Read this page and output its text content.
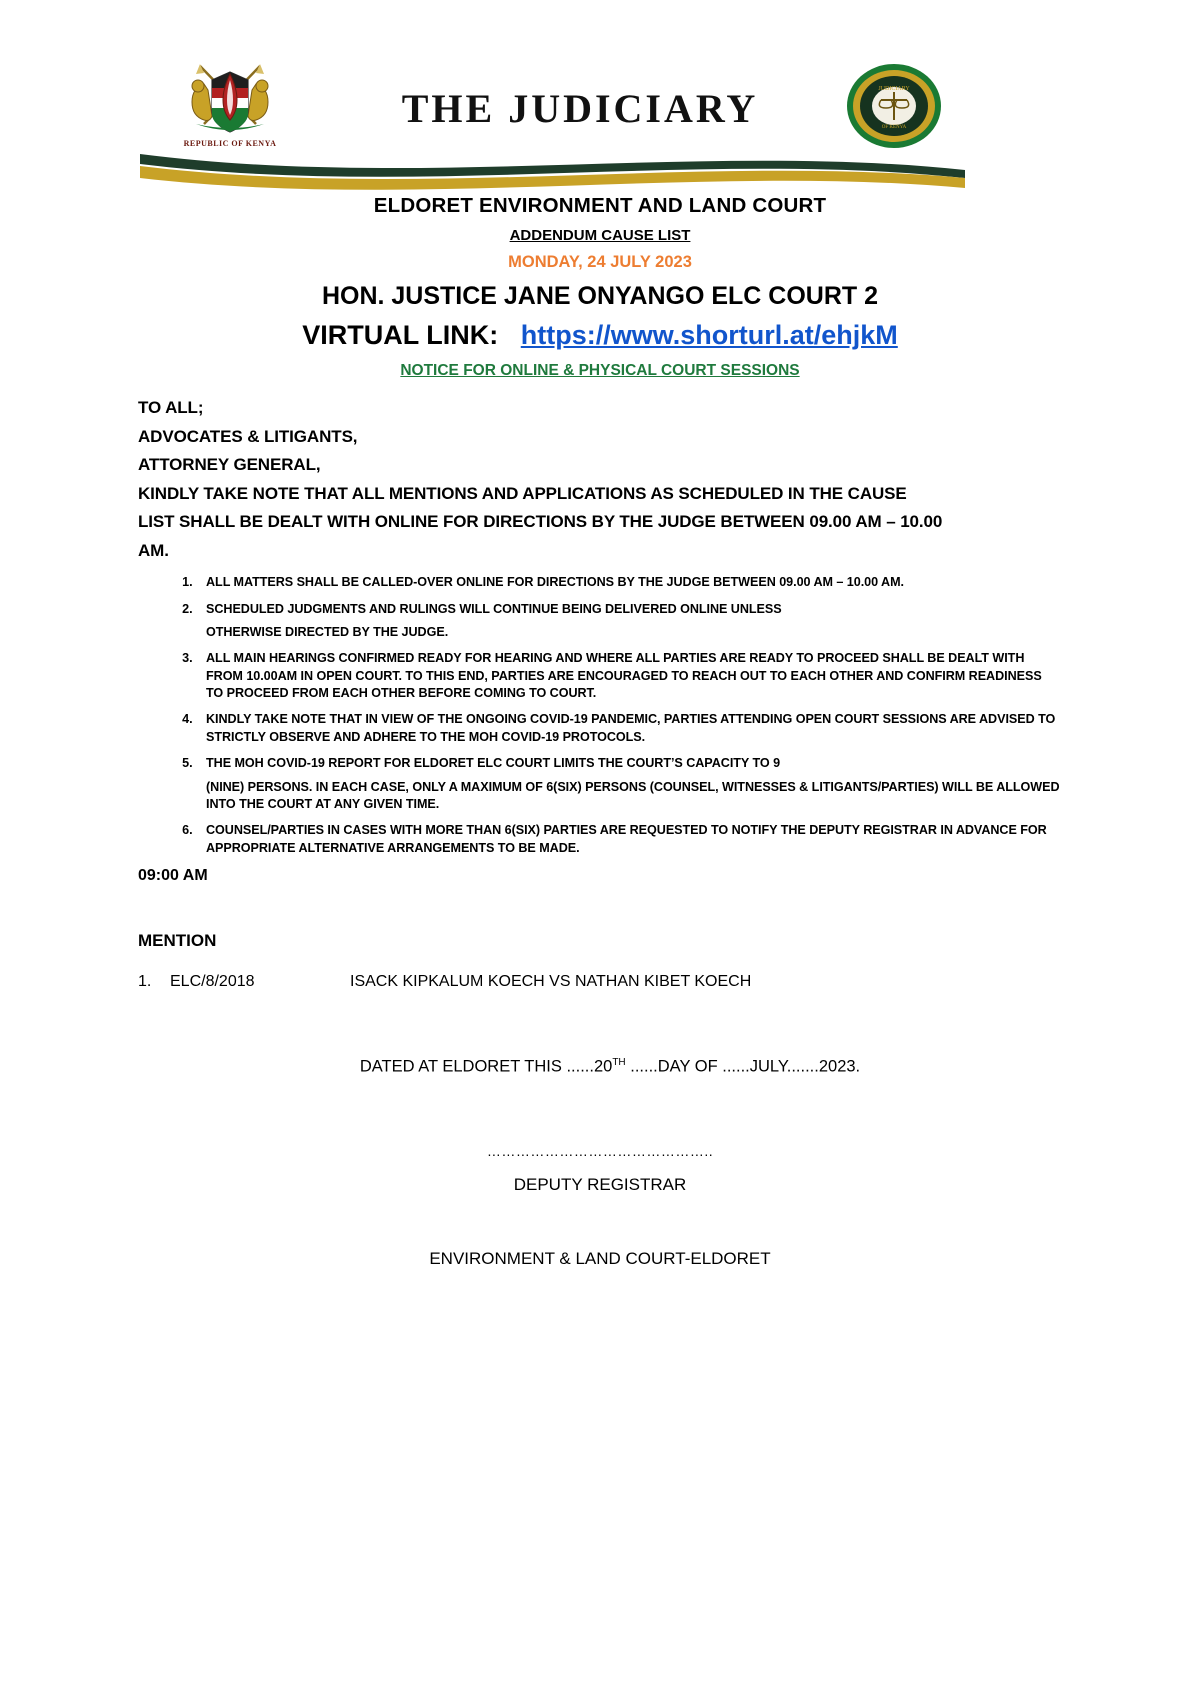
REPUBLIC OF KENYA
THE JUDICIARY	JUDICIARY
OF KENYA
ELDORET ENVIRONMENT AND LAND COURT
ADDENDUM CAUSE LIST
MONDAY, 24 JULY 2023
HON. JUSTICE JANE ONYANGO ELC COURT 2
VIRTUAL LINK: https://www.shorturl.at/ehjkM
NOTICE FOR ONLINE & PHYSICAL COURT SESSIONS
TO ALL;
ADVOCATES & LITIGANTS,
ATTORNEY GENERAL,
KINDLY TAKE NOTE THAT ALL MENTIONS AND APPLICATIONS AS SCHEDULED IN THE CAUSE
LIST SHALL BE DEALT WITH ONLINE FOR DIRECTIONS BY THE JUDGE BETWEEN 09.00 AM – 10.00
AM.

1. ALL MATTERS SHALL BE CALLED-OVER ONLINE FOR DIRECTIONS BY THE JUDGE BETWEEN 09.00 AM – 10.00 AM.

2. SCHEDULED JUDGMENTS AND RULINGS WILL CONTINUE BEING DELIVERED ONLINE UNLESS

OTHERWISE DIRECTED BY THE JUDGE.

3. ALL MAIN HEARINGS CONFIRMED READY FOR HEARING AND WHERE ALL PARTIES ARE READY TO PROCEED SHALL BE DEALT WITH FROM 10.00AM IN OPEN COURT. TO THIS END, PARTIES ARE ENCOURAGED TO REACH OUT TO EACH OTHER AND CONFIRM READINESS TO PROCEED FROM EACH OTHER BEFORE COMING TO COURT.

4. KINDLY TAKE NOTE THAT IN VIEW OF THE ONGOING COVID-19 PANDEMIC, PARTIES ATTENDING OPEN COURT SESSIONS ARE ADVISED TO STRICTLY OBSERVE AND ADHERE TO THE MOH COVID-19 PROTOCOLS.

5. THE MOH COVID-19 REPORT FOR ELDORET ELC COURT LIMITS THE COURT’S CAPACITY TO 9

(NINE) PERSONS. IN EACH CASE, ONLY A MAXIMUM OF 6(SIX) PERSONS (COUNSEL, WITNESSES & LITIGANTS/PARTIES) WILL BE ALLOWED INTO THE COURT AT ANY GIVEN TIME.

6. COUNSEL/PARTIES IN CASES WITH MORE THAN 6(SIX) PARTIES ARE REQUESTED TO NOTIFY THE DEPUTY REGISTRAR IN ADVANCE FOR APPROPRIATE ALTERNATIVE ARRANGEMENTS TO BE MADE.

09:00 AM
MENTION
1.	ELC/8/2018	ISACK KIPKALUM KOECH VS NATHAN KIBET KOECH
DATED AT ELDORET THIS ......20TH ......DAY OF ......JULY.......2023.
………………………………………..
DEPUTY REGISTRAR
ENVIRONMENT & LAND COURT-ELDORET
